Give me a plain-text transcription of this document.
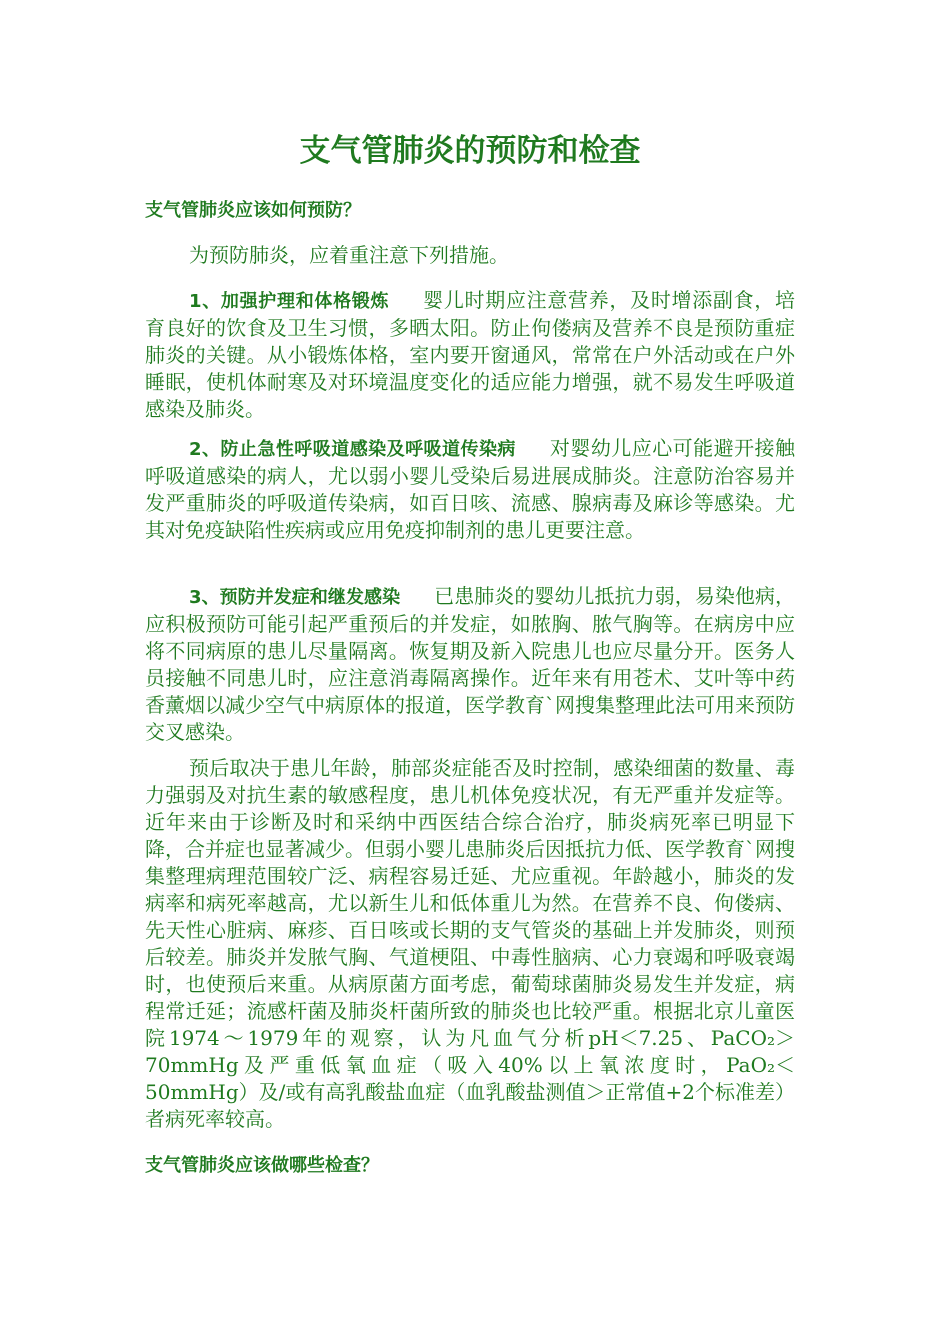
支气管肺炎的预防和检查
支气管肺炎应该如何预防？

为预防肺炎，应着重注意下列措施。

1、加强护理和体格锻炼 婴儿时期应注意营养，及时增添副食，培育良好的饮食及卫生习惯，多晒太阳。防止佝偻病及营养不良是预防重症肺炎的关键。从小锻炼体格，室内要开窗通风，常常在户外活动或在户外睡眠，使机体耐寒及对环境温度变化的适应能力增强，就不易发生呼吸道感染及肺炎。

2、防止急性呼吸道感染及呼吸道传染病 对婴幼儿应心可能避开接触呼吸道感染的病人，尤以弱小婴儿受染后易进展成肺炎。注意防治容易并发严重肺炎的呼吸道传染病，如百日咳、流感、腺病毒及麻诊等感染。尤其对免疫缺陷性疾病或应用免疫抑制剂的患儿更要注意。

3、预防并发症和继发感染 已患肺炎的婴幼儿抵抗力弱，易染他病，应积极预防可能引起严重预后的并发症，如脓胸、脓气胸等。在病房中应将不同病原的患儿尽量隔离。恢复期及新入院患儿也应尽量分开。医务人员接触不同患儿时，应注意消毒隔离操作。近年来有用苍术、艾叶等中药香薰烟以减少空气中病原体的报道，医学教育`网搜集整理此法可用来预防交叉感染。

预后取决于患儿年龄，肺部炎症能否及时控制，感染细菌的数量、毒力强弱及对抗生素的敏感程度，患儿机体免疫状况，有无严重并发症等。近年来由于诊断及时和采纳中西医结合综合治疗，肺炎病死率已明显下降，合并症也显著减少。但弱小婴儿患肺炎后因抵抗力低、医学教育`网搜集整理病理范围较广泛、病程容易迁延、尤应重视。年龄越小，肺炎的发病率和病死率越高，尤以新生儿和低体重儿为然。在营养不良、佝偻病、先天性心脏病、麻疹、百日咳或长期的支气管炎的基础上并发肺炎，则预后较差。肺炎并发脓气胸、气道梗阻、中毒性脑病、心力衰竭和呼吸衰竭时，也使预后来重。从病原菌方面考虑，葡萄球菌肺炎易发生并发症，病程常迁延；流感杆菌及肺炎杆菌所致的肺炎也比较严重。根据北京儿童医院1974～1979年的观察，认为凡血气分析pH＜7.25、PaCO₂＞70mmHg及严重低氧血症（吸入40%以上氧浓度时，PaO₂＜50mmHg）及/或有高乳酸盐血症（血乳酸盐测值＞正常值+2个标准差）者病死率较高。

支气管肺炎应该做哪些检查？
